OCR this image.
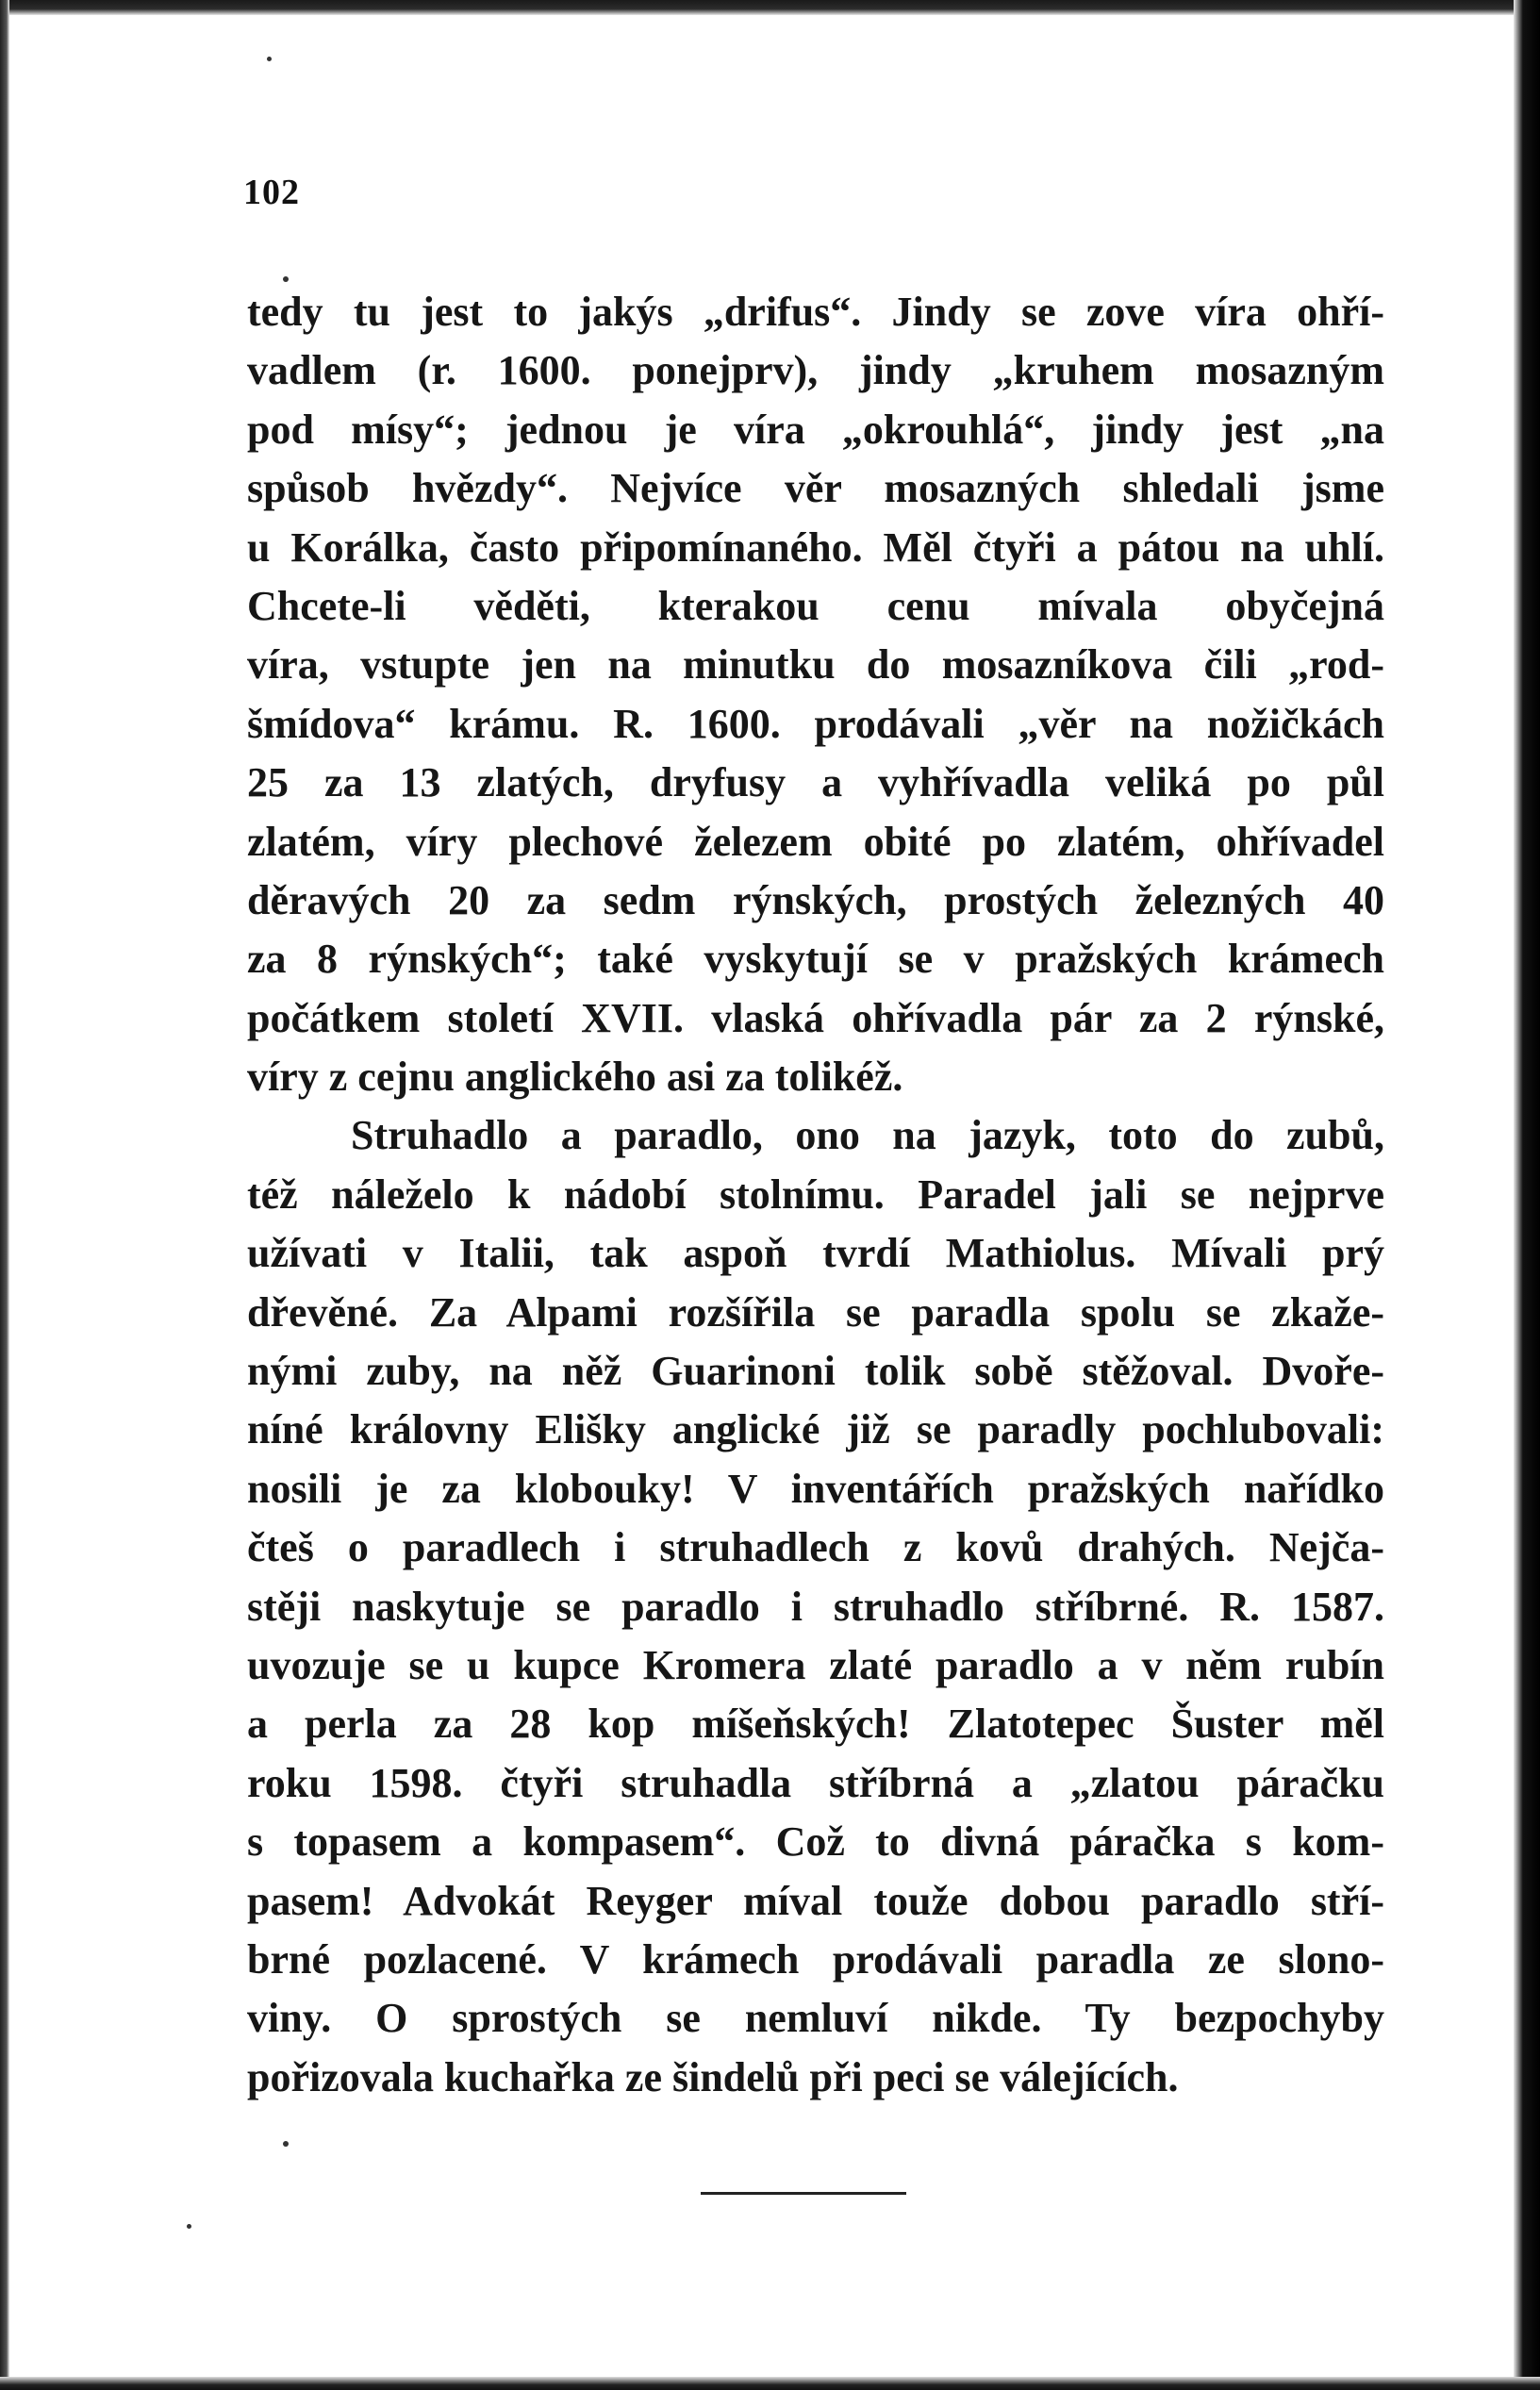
102
tedy tu jest to jakýs „drifus“. Jindy se zove víra ohří-
vadlem (r. 1600. ponejprv), jindy „kruhem mosazným
pod mísy“; jednou je víra „okrouhlá“, jindy jest „na
spůsob hvězdy“. Nejvíce věr mosazných shledali jsme
u Korálka, často připomínaného. Měl čtyři a pátou na uhlí.
Chcete-li věděti, kterakou cenu mívala obyčejná
víra, vstupte jen na minutku do mosazníkova čili „rod-
šmídova“ krámu. R. 1600. prodávali „věr na nožičkách
25 za 13 zlatých, dryfusy a vyhřívadla veliká po půl
zlatém, víry plechové železem obité po zlatém, ohřívadel
děravých 20 za sedm rýnských, prostých železných 40
za 8 rýnských“; také vyskytují se v pražských krámech
počátkem století XVII. vlaská ohřívadla pár za 2 rýnské,
víry z cejnu anglického asi za tolikéž.
Struhadlo a paradlo, ono na jazyk, toto do zubů,
též náleželo k nádobí stolnímu. Paradel jali se nejprve
užívati v Italii, tak aspoň tvrdí Mathiolus. Mívali prý
dřevěné. Za Alpami rozšířila se paradla spolu se zkaže-
nými zuby, na něž Guarinoni tolik sobě stěžoval. Dvoře-
níné královny Elišky anglické již se paradly pochlubovali:
nosili je za klobouky! V inventářích pražských nařídko
čteš o paradlech i struhadlech z kovů drahých. Nejča-
stěji naskytuje se paradlo i struhadlo stříbrné. R. 1587.
uvozuje se u kupce Kromera zlaté paradlo a v něm rubín
a perla za 28 kop míšeňských! Zlatotepec Šuster měl
roku 1598. čtyři struhadla stříbrná a „zlatou páračku
s topasem a kompasem“. Což to divná páračka s kom-
pasem! Advokát Reyger míval touže dobou paradlo stří-
brné pozlacené. V krámech prodávali paradla ze slono-
viny. O sprostých se nemluví nikde. Ty bezpochyby
pořizovala kuchařka ze šindelů při peci se válejících.
